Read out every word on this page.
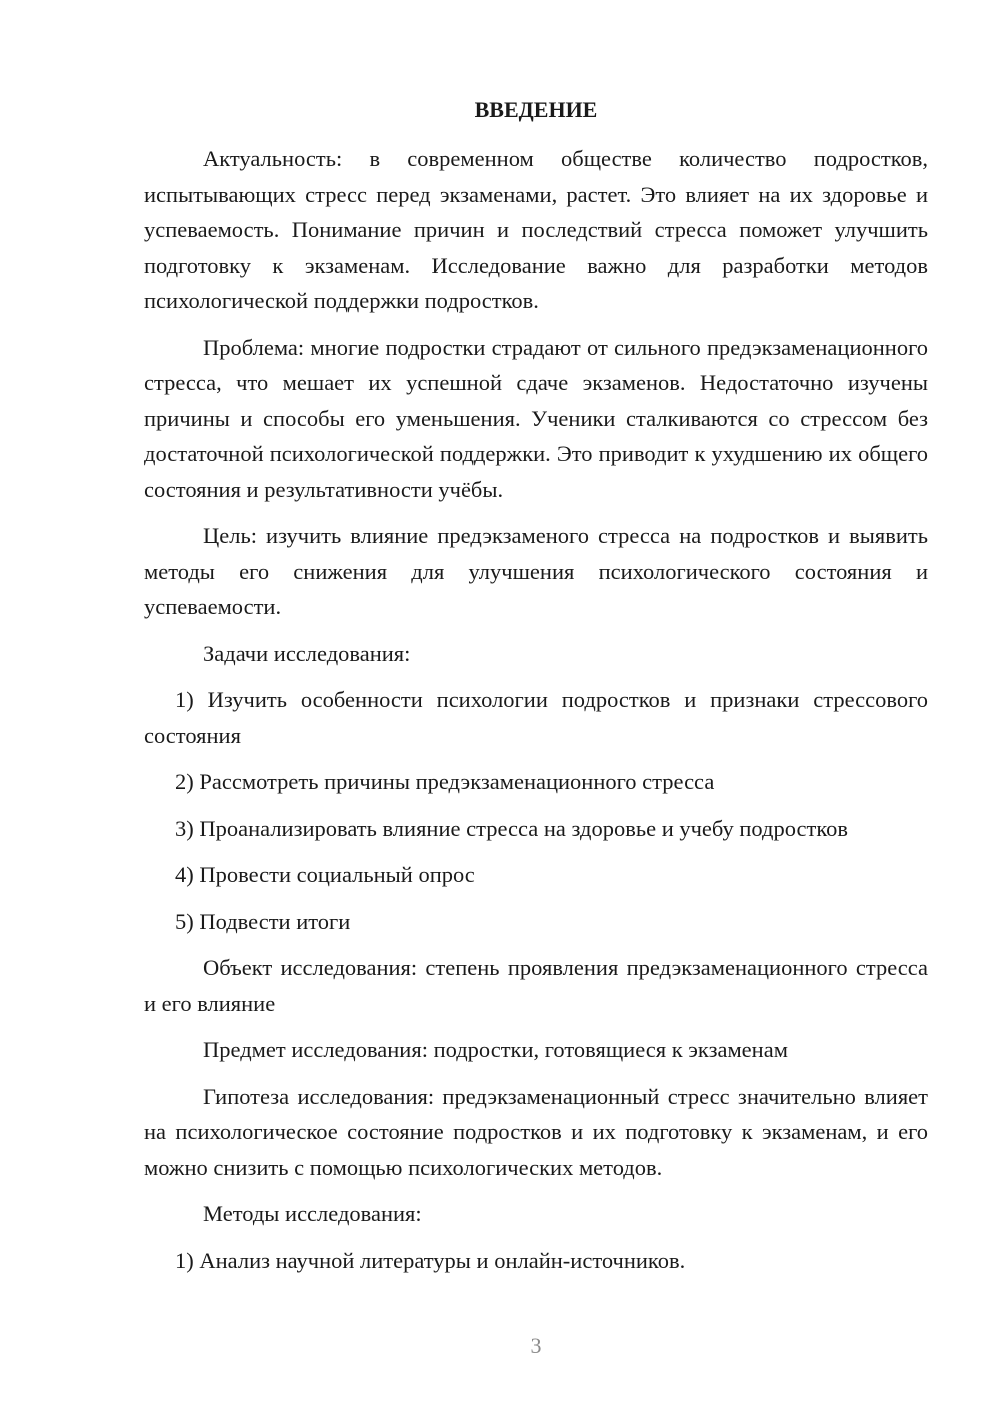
ВВЕДЕНИЕ

Актуальность: в современном обществе количество подростков, испытывающих стресс перед экзаменами, растет. Это влияет на их здоровье и успеваемость. Понимание причин и последствий стресса поможет улучшить подготовку к экзаменам. Исследование важно для разработки методов психологической поддержки подростков.

Проблема: многие подростки страдают от сильного предэкзаменационного стресса, что мешает их успешной сдаче экзаменов. Недостаточно изучены причины и способы его уменьшения. Ученики сталкиваются со стрессом без достаточной психологической поддержки. Это приводит к ухудшению их общего состояния и результативности учёбы.

Цель: изучить влияние предэкзаменого стресса на подростков и выявить методы его снижения для улучшения психологического состояния и успеваемости.

Задачи исследования:

1) Изучить особенности психологии подростков и признаки стрессового состояния

2) Рассмотреть причины предэкзаменационного стресса

3) Проанализировать влияние стресса на здоровье и учебу подростков

4) Провести социальный опрос

5) Подвести итоги

Объект исследования: степень проявления предэкзаменационного стресса и его влияние

Предмет исследования: подростки, готовящиеся к экзаменам

Гипотеза исследования: предэкзаменационный стресс значительно влияет на психологическое состояние подростков и их подготовку к экзаменам, и его можно снизить с помощью психологических методов.

Методы исследования:

1) Анализ научной литературы и онлайн-источников.

3
